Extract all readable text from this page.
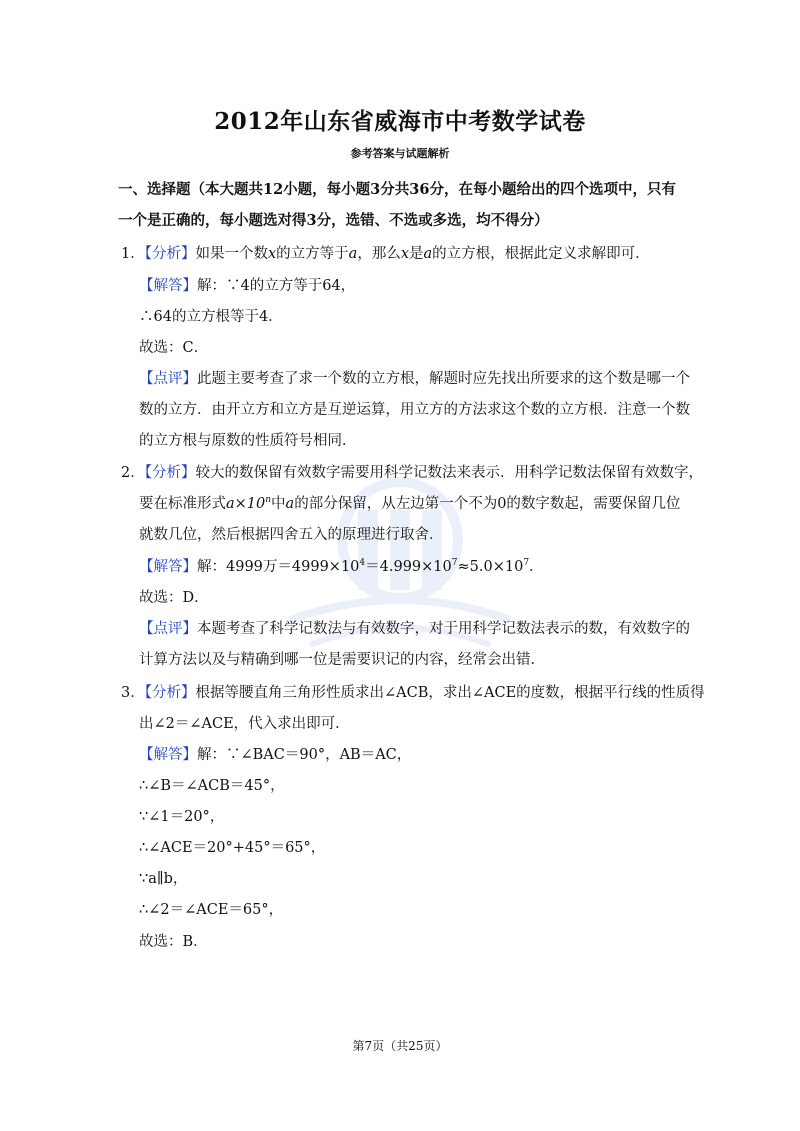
2012年山东省威海市中考数学试卷
参考答案与试题解析
一、选择题（本大题共12小题，每小题3分共36分，在每小题给出的四个选项中，只有
一个是正确的，每小题选对得3分，选错、不选或多选，均不得分）
1．【分析】如果一个数x的立方等于a，那么x是a的立方根，根据此定义求解即可．
【解答】解：∵4的立方等于64，
∴64的立方根等于4．
故选：C．
【点评】此题主要考查了求一个数的立方根，解题时应先找出所要求的这个数是哪一个
数的立方．由开立方和立方是互逆运算，用立方的方法求这个数的立方根．注意一个数
的立方根与原数的性质符号相同．
2．【分析】较大的数保留有效数字需要用科学记数法来表示．用科学记数法保留有效数字，
要在标准形式$a\times 10^n$中a的部分保留，从左边第一个不为0的数字数起，需要保留几位
就数几位，然后根据四舍五入的原理进行取舍．
【解答】解：4999万$=4999\times 10^4=4.999\times 10^7\approx 5.0\times 10^7$．
故选：D．
【点评】本题考查了科学记数法与有效数字，对于用科学记数法表示的数，有效数字的
计算方法以及与精确到哪一位是需要识记的内容，经常会出错．
3．【分析】根据等腰直角三角形性质求出∠ACB，求出∠ACE的度数，根据平行线的性质得
出∠2＝∠ACE，代入求出即可．
【解答】解：∵∠BAC＝90°，AB＝AC，
∴∠B＝∠ACB＝45°，
∵∠1＝20°，
∴∠ACE＝20°+45°＝65°，
∵a∥b，
∴∠2＝∠ACE＝65°，
故选：B．
第7页（共25页）
